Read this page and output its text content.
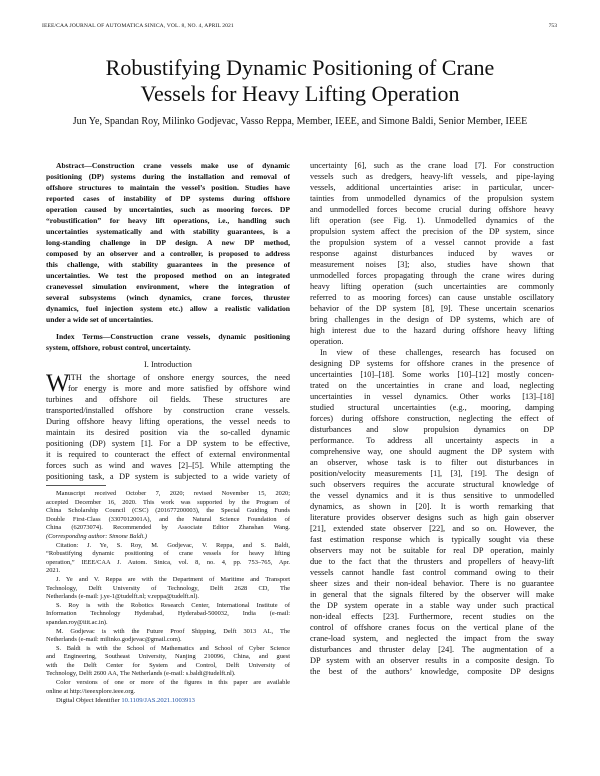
IEEE/CAA JOURNAL OF AUTOMATICA SINICA, VOL. 8, NO. 4, APRIL 2021	753
Robustifying Dynamic Positioning of Crane
Vessels for Heavy Lifting Operation
Jun Ye, Spandan Roy, Milinko Godjevac, Vasso Reppa, Member, IEEE, and Simone Baldi, Senior Member, IEEE
Abstract—Construction crane vessels make use of dynamic
positioning (DP) systems during the installation and removal of
offshore structures to maintain the vessel’s position. Studies have
reported cases of instability of DP systems during offshore
operation caused by uncertainties, such as mooring forces. DP
“robustification” for heavy lift operations, i.e., handling such
uncertainties systematically and with stability guarantees, is a
long-standing challenge in DP design. A new DP method,
composed by an observer and a controller, is proposed to address
this challenge, with stability guarantees in the presence of
uncertainties. We test the proposed method on an integrated
cranevessel simulation environment, where the integration of
several subsystems (winch dynamics, crane forces, thruster
dynamics, fuel injection system etc.) allow a realistic validation
under a wide set of uncertainties.
Index Terms—Construction crane vessels, dynamic positioning
system, offshore, robust control, uncertainty.
I. Introduction
W
ITH the shortage of onshore energy sources, the need
for energy is more and more satisfied by offshore wind
turbines and offshore oil fields. These structures are
transported/installed offshore by construction crane vessels.
During offshore heavy lifting operations, the vessel needs to
maintain its desired position via the so-called dynamic
positioning (DP) system [1]. For a DP system to be effective,
it is required to counteract the effect of external environmental
forces such as wind and waves [2]–[5]. While attempting the
positioning task, a DP system is subjected to a wide variety of
Manuscript received October 7, 2020; revised November 15, 2020;
accepted December 16, 2020. This work was supported by the Program of
China Scholarship Council (CSC) (201677200003), the Special Guiding Funds
Double First-Class (3307012001A), and the Natural Science Foundation of
China (62073074). Recommended by Associate Editor Zhanshan Wang.
(Corresponding author: Simone Baldi.)
Citation: J. Ye, S. Roy, M. Godjevac, V. Reppa, and S. Baldi,
“Robustifying dynamic positioning of crane vessels for heavy lifting
operation,” IEEE/CAA J. Autom. Sinica, vol. 8, no. 4, pp. 753–765, Apr.
2021.
J. Ye and V. Reppa are with the Department of Maritime and Transport
Technology, Delft University of Technology, Delft 2628 CD, The
Netherlands (e-mail: j.ye-1@tudelft.nl; v.reppa@tudelft.nl).
S. Roy is with the Robotics Research Center, International Institute of
Information Technology Hyderabad, Hyderabad-500032, India (e-mail:
spandan.roy@iiit.ac.in).
M. Godjevac is with the Future Proof Shipping, Delft 3013 AL, The
Netherlands (e-mail: milinko.godjevac@gmail.com).
S. Baldi is with the School of Mathematics and School of Cyber Science
and Engineering, Southeast University, Nanjing 210096, China, and guest
with the Delft Center for System and Control, Delft University of
Technology, Delft 2600 AA, The Netherlands (e-mail: s.baldi@tudelft.nl).
Color versions of one or more of the figures in this paper are available
online at http://ieeexplore.ieee.org.
Digital Object Identifier 10.1109/JAS.2021.1003913
uncertainty [6], such as the crane load [7]. For construction
vessels such as dredgers, heavy-lift vessels, and pipe-laying
vessels, additional uncertainties arise: in particular, uncer-
tainties from unmodelled dynamics of the propulsion system
and unmodelled forces become crucial during offshore heavy
lift operation (see Fig. 1). Unmodelled dynamics of the
propulsion system affect the precision of the DP system, since
the propulsion system of a vessel cannot provide a fast
response against disturbances induced by waves or
measurement noises [3]; also, studies have shown that
unmodelled forces propagating through the crane wires during
heavy lifting operation (such uncertainties are commonly
referred to as mooring forces) can cause unstable oscillatory
behavior of the DP system [8], [9]. These uncertain scenarios
bring challenges in the design of DP systems, which are of
high interest due to the hazard during offshore heavy lifting
operation.
In view of these challenges, research has focused on
designing DP systems for offshore cranes in the presence of
uncertainties [10]–[18]. Some works [10]–[12] mostly concen-
trated on the uncertainties in crane and load, neglecting
uncertainties in vessel dynamics. Other works [13]–[18]
studied structural uncertainties (e.g., mooring, damping
forces) during offshore construction, neglecting the effect of
disturbances and slow propulsion dynamics on DP
performance. To address all uncertainty aspects in a
comprehensive way, one should augment the DP system with
an observer, whose task is to filter out disturbances in
position/velocity measurements [1], [3], [19]. The design of
such observers requires the accurate structural knowledge of
the vessel dynamics and it is thus sensitive to unmodelled
dynamics, as shown in [20]. It is worth remarking that
literature provides observer designs such as high gain observer
[21], extended state observer [22], and so on. However, the
fast estimation response which is typically sought via these
observers may not be suitable for real DP operation, mainly
due to the fact that the thrusters and propellers of heavy-lift
vessels cannot handle fast control command owing to their
sheer sizes and their non-ideal behavior. There is no guarantee
in general that the signals filtered by the observer will make
the DP system operate in a stable way under such practical
non-ideal effects [23]. Furthermore, recent studies on the
control of offshore cranes focus on the vertical plane of the
crane-load system, and neglected the impact from the sway
disturbances and thruster delay [24]. The augmentation of a
DP system with an observer results in a composite design. To
the best of the authors’ knowledge, composite DP designs
